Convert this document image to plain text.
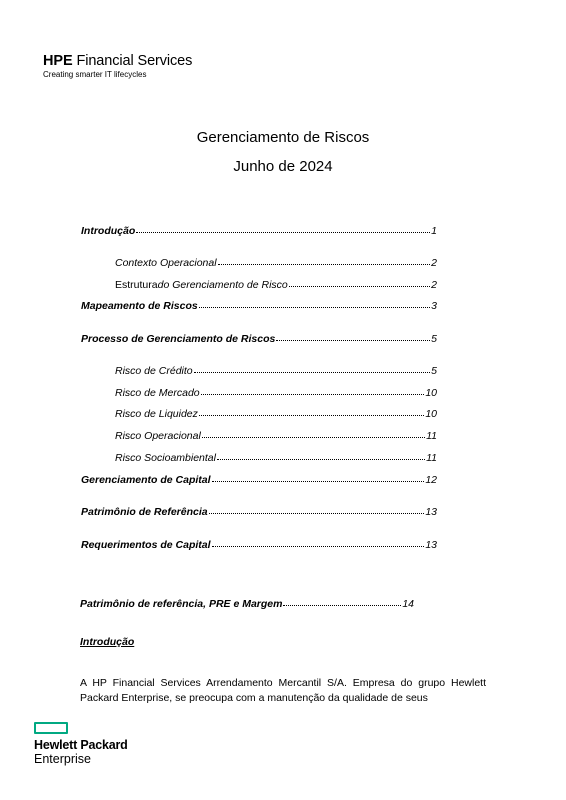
HPE Financial Services
Creating smarter IT lifecycles
Gerenciamento de Riscos
Junho de 2024
Introdução	1
Contexto Operacional	2
Estrutura do Gerenciamento de Risco	2
Mapeamento de Riscos	3
Processo de Gerenciamento de Riscos	5
Risco de Crédito	5
Risco de Mercado	10
Risco de Liquidez	10
Risco Operacional	11
Risco Socioambiental	11
Gerenciamento de Capital	12
Patrimônio de Referência	13
Requerimentos de Capital	13
Patrimônio de referência, PRE e Margem	14
Introdução
A HP Financial Services Arrendamento Mercantil S/A. Empresa do grupo Hewlett Packard Enterprise, se preocupa com a manutenção da qualidade de seus
Hewlett Packard
Enterprise
